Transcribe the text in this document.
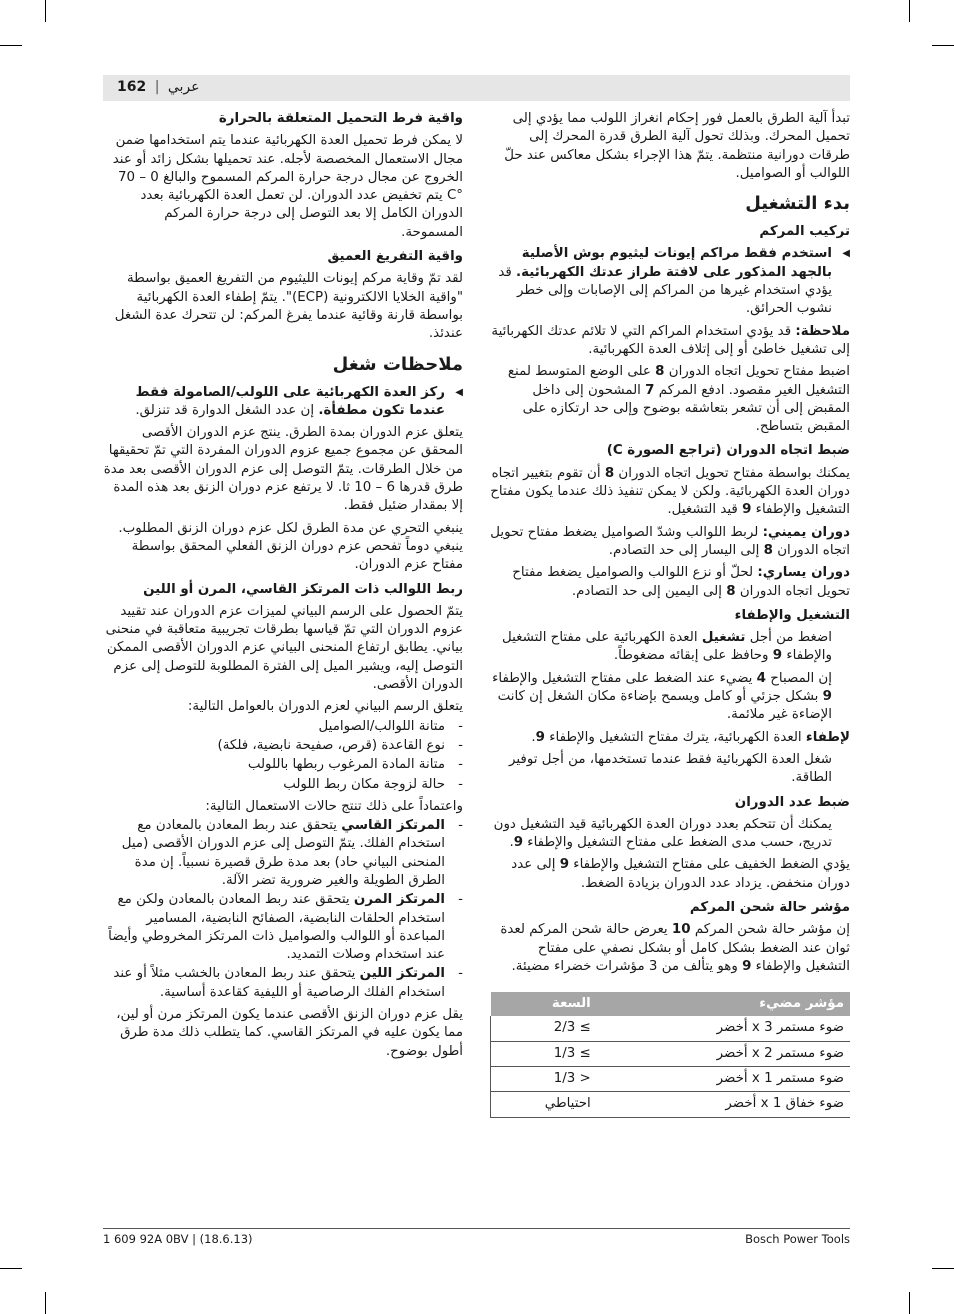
162 | عربي

تبدأ آلية الطرق بالعمل فور إحكام انغراز اللولب مما يؤدي إلى تحميل المحرك. وبذلك تحول آلية الطرق قدرة المحرك إلى طرقات دورانية منتظمة. يتمّ هذا الإجراء بشكل معاكس عند حلّ اللوالب أو الصواميل.

بدء التشغيل
تركيب المركم
◀
استخدم فقط مراكم إيونات ليثيوم بوش الأصلية بالجهد المذكور على لافتة طراز عدتك الكهربائية. قد يؤدي استخدام غيرها من المراكم إلى الإصابات وإلى خطر نشوب الحرائق.

ملاحظة: قد يؤدي استخدام المراكم التي لا تلائم عدتك الكهربائية إلى تشغيل خاطئ أو إلى إتلاف العدة الكهربائية.

اضبط مفتاح تحويل اتجاه الدوران 8 على الوضع المتوسط لمنع التشغيل الغير مقصود. ادفع المركم 7 المشحون إلى داخل المقبض إلى أن تشعر بتعاشقه بوضوح وإلى حد ارتكازه على المقبض بتساطح.

ضبط اتجاه الدوران (تراجع الصورة C)

يمكنك بواسطة مفتاح تحويل اتجاه الدوران 8 أن تقوم بتغيير اتجاه دوران العدة الكهربائية. ولكن لا يمكن تنفيذ ذلك عندما يكون مفتاح التشغيل والإطفاء 9 قيد التشغيل.

دوران يميني: لربط اللوالب وشدّ الصواميل يضغط مفتاح تحويل اتجاه الدوران 8 إلى اليسار إلى حد التصادم.

دوران يساري: لحلّ أو نزع اللوالب والصواميل يضغط مفتاح تحويل اتجاه الدوران 8 إلى اليمين إلى حد التصادم.

التشغيل والإطفاء

اضغط من أجل تشغيل العدة الكهربائية على مفتاح التشغيل والإطفاء 9 وحافظ على إبقائه مضغوطاً.

إن المصباح 4 يضيء عند الضغط على مفتاح التشغيل والإطفاء 9 بشكل جزئي أو كامل ويسمح بإضاءة مكان الشغل إن كانت الإضاءة غير ملائمة.

لإطفاء العدة الكهربائية، يترك مفتاح التشغيل والإطفاء 9.

شغل العدة الكهربائية فقط عندما تستخدمها، من أجل توفير الطاقة.

ضبط عدد الدوران

يمكنك أن تتحكم بعدد دوران العدة الكهربائية قيد التشغيل دون تدريج، حسب مدى الضغط على مفتاح التشغيل والإطفاء 9.

يؤدي الضغط الخفيف على مفتاح التشغيل والإطفاء 9 إلى عدد دوران منخفض. يزداد عدد الدوران بزيادة الضغط.

مؤشر حالة شحن المركم

إن مؤشر حالة شحن المركم 10 يعرض حالة شحن المركم لعدة ثوان عند الضغط بشكل كامل أو بشكل نصفي على مفتاح التشغيل والإطفاء 9 وهو يتألف من 3 مؤشرات خضراء مضيئة.

مؤشر مضيء	السعة
ضوء مستمر 3 x أخضر	≥ 2/3
ضوء مستمر 2 x أخضر	≥ 1/3
ضوء مستمر 1 x أخضر	< 1/3
ضوء خفاق 1 x أخضر	احتياطي
واقية فرط التحميل المتعلقة بالحرارة

لا يمكن فرط تحميل العدة الكهربائية عندما يتم استخدامها ضمن مجال الاستعمال المخصصة لأجله. عند تحميلها بشكل زائد أو عند الخروج عن مجال درجة حرارة المركم المسموح والبالغ 0 – 70 °C يتم تخفيض عدد الدوران. لن تعمل العدة الكهربائية بعدد الدوران الكامل إلا بعد التوصل إلى درجة حرارة المركم المسموحة.

واقية التفريغ العميق

لقد تمّ وقاية مركم إيونات الليثيوم من التفريغ العميق بواسطة "واقية الخلايا الالكترونية (ECP)". يتمّ إطفاء العدة الكهربائية بواسطة قارنة وقائية عندما يفرغ المركم: لن تتحرك عدة الشغل عندئذ.

ملاحظات شغل
◀
ركز العدة الكهربائية على اللولب/الصامولة فقط عندما تكون مطفأة. إن عدد الشغل الدوارة قد تنزلق.

يتعلق عزم الدوران بمدة الطرق. ينتج عزم الدوران الأقصى المحقق عن مجموع جميع عزوم الدوران المفردة التي تمّ تحقيقها من خلال الطرقات. يتمّ التوصل إلى عزم الدوران الأقصى بعد مدة طرق قدرها 6 – 10 ثا. لا يرتفع عزم دوران الزنق بعد هذه المدة إلا بمقدار ضئيل فقط.

ينبغي التحري عن مدة الطرق لكل عزم دوران الزنق المطلوب. ينبغي دوماً تفحص عزم دوران الزنق الفعلي المحقق بواسطة مفتاح عزم الدوران.

ربط اللوالب ذات المرتكز القاسي، المرن أو اللين

يتمّ الحصول على الرسم البياني لميزات عزم الدوران عند تقييد عزوم الدوران التي تمّ قياسها بطرقات تجريبية متعاقبة في منحنى بياني. يطابق ارتفاع المنحنى البياني عزم الدوران الأقصى الممكن التوصل إليه، ويشير الميل إلى الفترة المطلوبة للتوصل إلى عزم الدوران الأقصى.

يتعلق الرسم البياني لعزم الدوران بالعوامل التالية:

-
متانة اللوالب/الصواميل
-
نوع القاعدة (قرص، صفيحة نابضية، فلكة)
-
متانة المادة المرغوب ربطها باللولب
-
حالة لزوجة مكان ربط اللولب

واعتماداً على ذلك تنتج حالات الاستعمال التالية:

-
المرتكز القاسي يتحقق عند ربط المعادن بالمعادن مع استخدام الفلك. يتمّ التوصل إلى عزم الدوران الأقصى (ميل المنحنى البياني حاد) بعد مدة طرق قصيرة نسبياً. إن مدة الطرق الطويلة والغير ضرورية تضر الآلة.
-
المرتكز المرن يتحقق عند ربط المعادن بالمعادن ولكن مع استخدام الحلقات النابضية، الصفائح النابضية، المسامير المباعدة أو اللوالب والصواميل ذات المرتكز المخروطي وأيضاً عند استخدام وصلات التمديد.
-
المرتكز اللين يتحقق عند ربط المعادن بالخشب مثلاً أو عند استخدام الفلك الرصاصية أو الليفية كقاعدة أساسية.

يقل عزم دوران الزنق الأقصى عندما يكون المرتكز مرن أو لين، مما يكون عليه في المرتكز القاسي. كما يتطلب ذلك مدة طرق أطول بوضوح.

1 609 92A 0BV | (18.6.13)	Bosch Power Tools
